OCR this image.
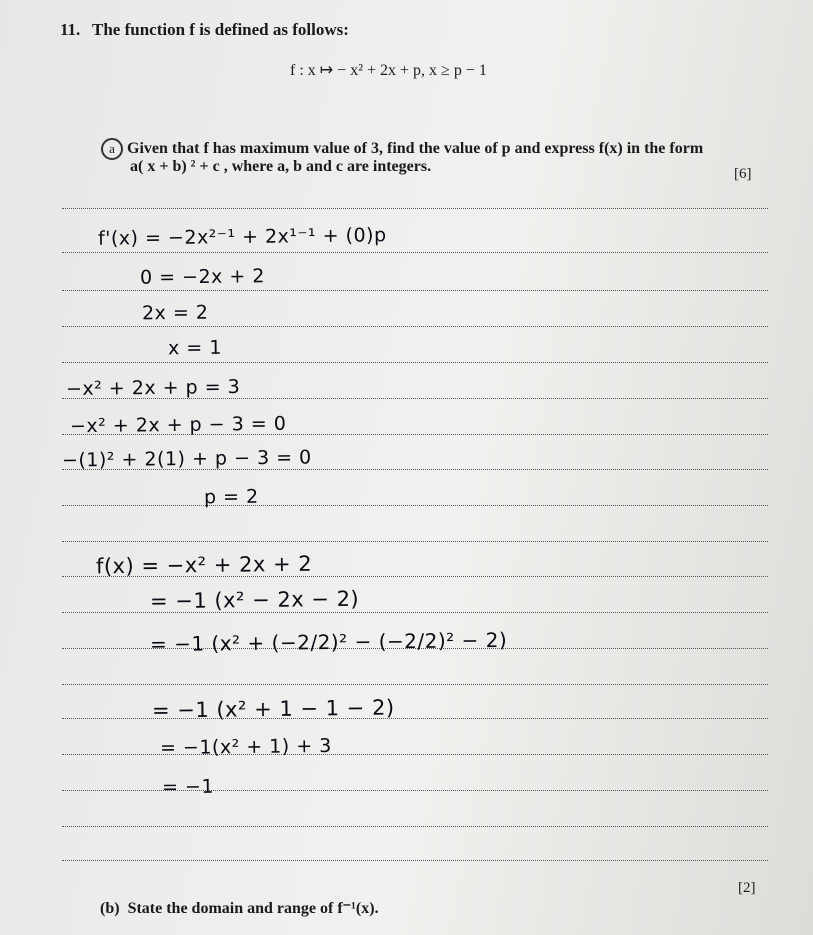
11. The function f is defined as follows:
f : x ↦ − x² + 2x + p, x ≥ p − 1
a Given that f has maximum value of 3, find the value of p and express f(x) in the form
a( x + b) ² + c , where a, b and c are integers.	[6]
f'(x) = −2x²⁻¹ + 2x¹⁻¹ + (0)p
0 = −2x + 2
2x = 2
x = 1
−x² + 2x + p = 3
−x² + 2x + p − 3 = 0
−(1)² + 2(1) + p − 3 = 0
p = 2
f(x) = −x² + 2x + 2
= −1 (x² − 2x − 2)
= −1 (x² + (−2/2)² − (−2/2)² − 2)
= −1 (x² + 1 − 1 − 2)
= −1(x² + 1) + 3
= −1
[2]
(b) State the domain and range of f⁻¹(x).
